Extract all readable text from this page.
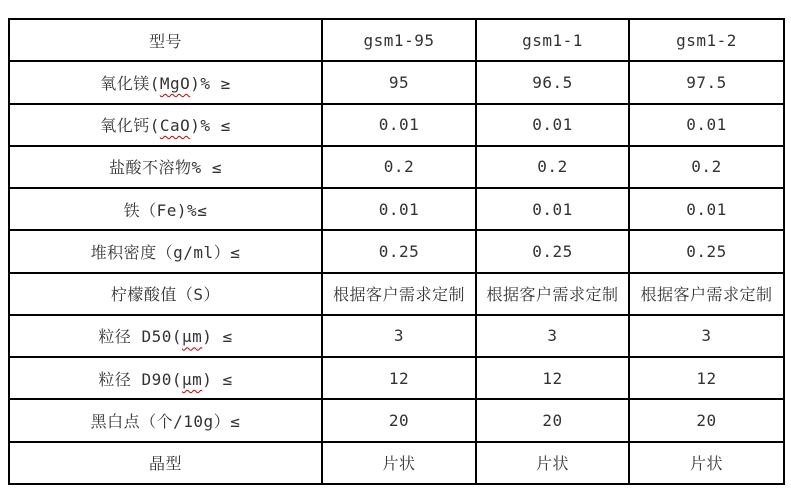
型号	gsm1-95	gsm1-1	gsm1-2
氧化镁(MgO)% ≥	95	96.5	97.5
氧化钙(CaO)% ≤	0.01	0.01	0.01
盐酸不溶物% ≤	0.2	0.2	0.2
铁（Fe)%≤	0.01	0.01	0.01
堆积密度（g/ml）≤	0.25	0.25	0.25
柠檬酸值（S）	根据客户需求定制	根据客户需求定制	根据客户需求定制
粒径 D50(μm) ≤	3	3	3
粒径 D90(μm) ≤	12	12	12
黑白点（个/10g）≤	20	20	20
晶型	片状	片状	片状
